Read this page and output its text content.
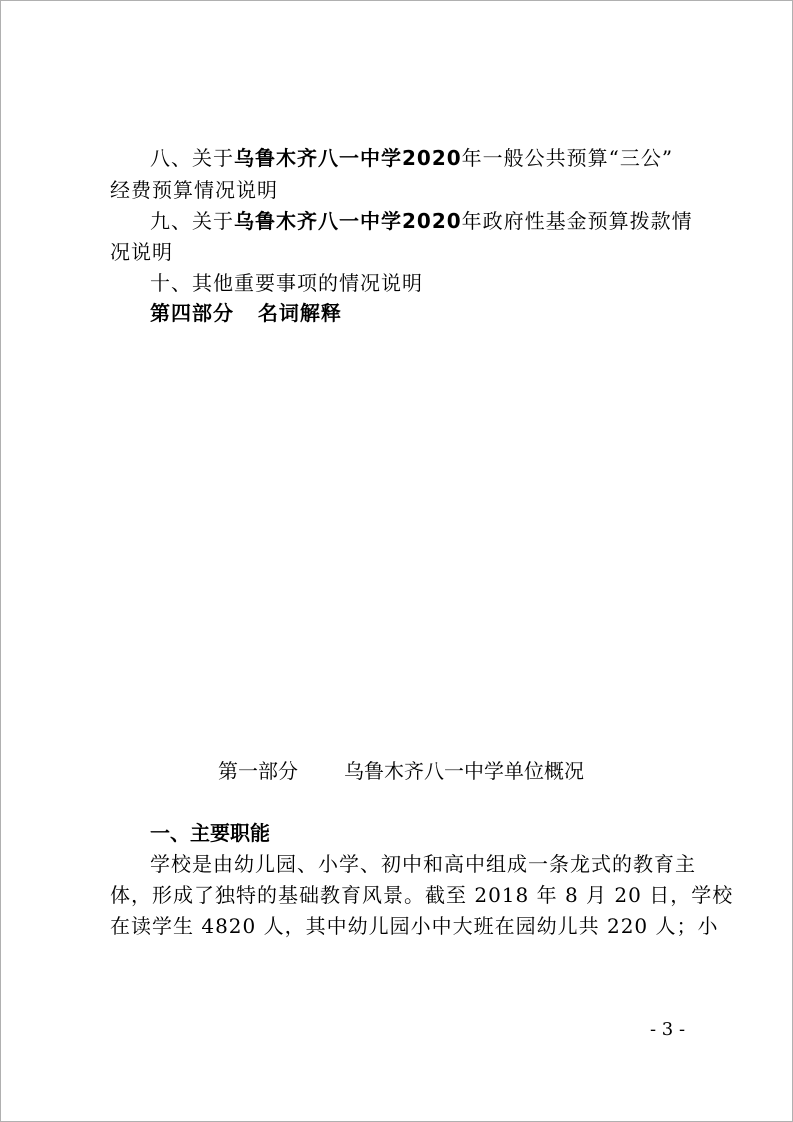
八、关于乌鲁木齐八一中学2020年一般公共预算“三公”
经费预算情况说明
九、关于乌鲁木齐八一中学2020年政府性基金预算拨款情
况说明
十、其他重要事项的情况说明
第四部分   名词解释
第一部分 乌鲁木齐八一中学单位概况
一、主要职能
学校是由幼儿园、小学、初中和高中组成一条龙式的教育主
体，形成了独特的基础教育风景。截至 2018 年 8 月 20 日，学校
在读学生 4820 人，其中幼儿园小中大班在园幼儿共 220 人；小
- 3 -
